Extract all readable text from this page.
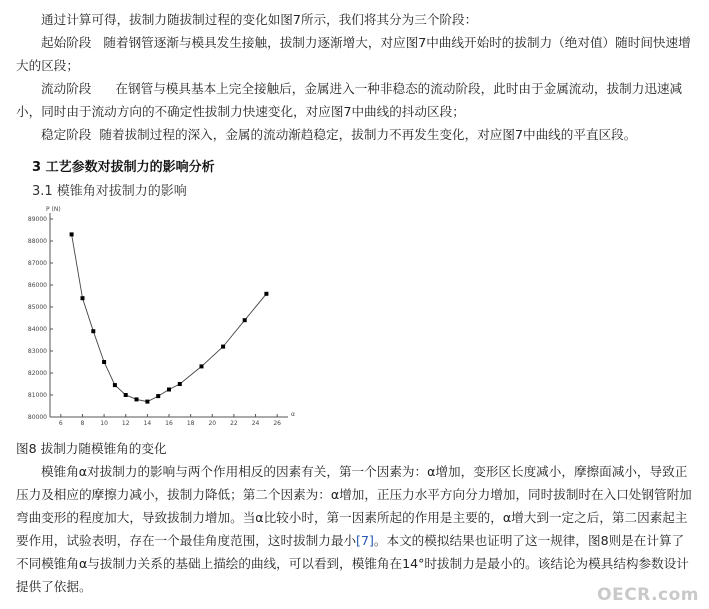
通过计算可得，拔制力随拔制过程的变化如图7所示，我们将其分为三个阶段：

起始阶段 随着钢管逐渐与模具发生接触，拔制力逐渐增大，对应图7中曲线开始时的拔制力（绝对值）随时间快速增大的区段；

流动阶段 在钢管与模具基本上完全接触后，金属进入一种非稳态的流动阶段，此时由于金属流动，拔制力迅速减小，同时由于流动方向的不确定性拔制力快速变化，对应图7中曲线的抖动区段；

稳定阶段 随着拔制过程的深入，金属的流动渐趋稳定，拔制力不再发生变化，对应图7中曲线的平直区段。

3 工艺参数对拔制力的影响分析

3.1 模锥角对拔制力的影响

80000
81000
82000
83000
84000
85000
86000
87000
88000
89000
6	8	10 12 14 16 18 20 22 24 26
P (N)
α

图8 拔制力随模锥角的变化

模锥角α对拔制力的影响与两个作用相反的因素有关，第一个因素为：α增加，变形区长度减小，摩擦面减小，导致正压力及相应的摩擦力减小，拔制力降低；第二个因素为：α增加，正压力水平方向分力增加，同时拔制时在入口处钢管附加弯曲变形的程度加大，导致拔制力增加。当α比较小时，第一因素所起的作用是主要的，α增大到一定之后，第二因素起主要作用，试验表明，存在一个最佳角度范围，这时拔制力最小[7]。本文的模拟结果也证明了这一规律，图8则是在计算了不同模锥角α与拔制力关系的基础上描绘的曲线，可以看到，模锥角在14°时拔制力是最小的。该结论为模具结构参数设计提供了依据。	OECR.com
